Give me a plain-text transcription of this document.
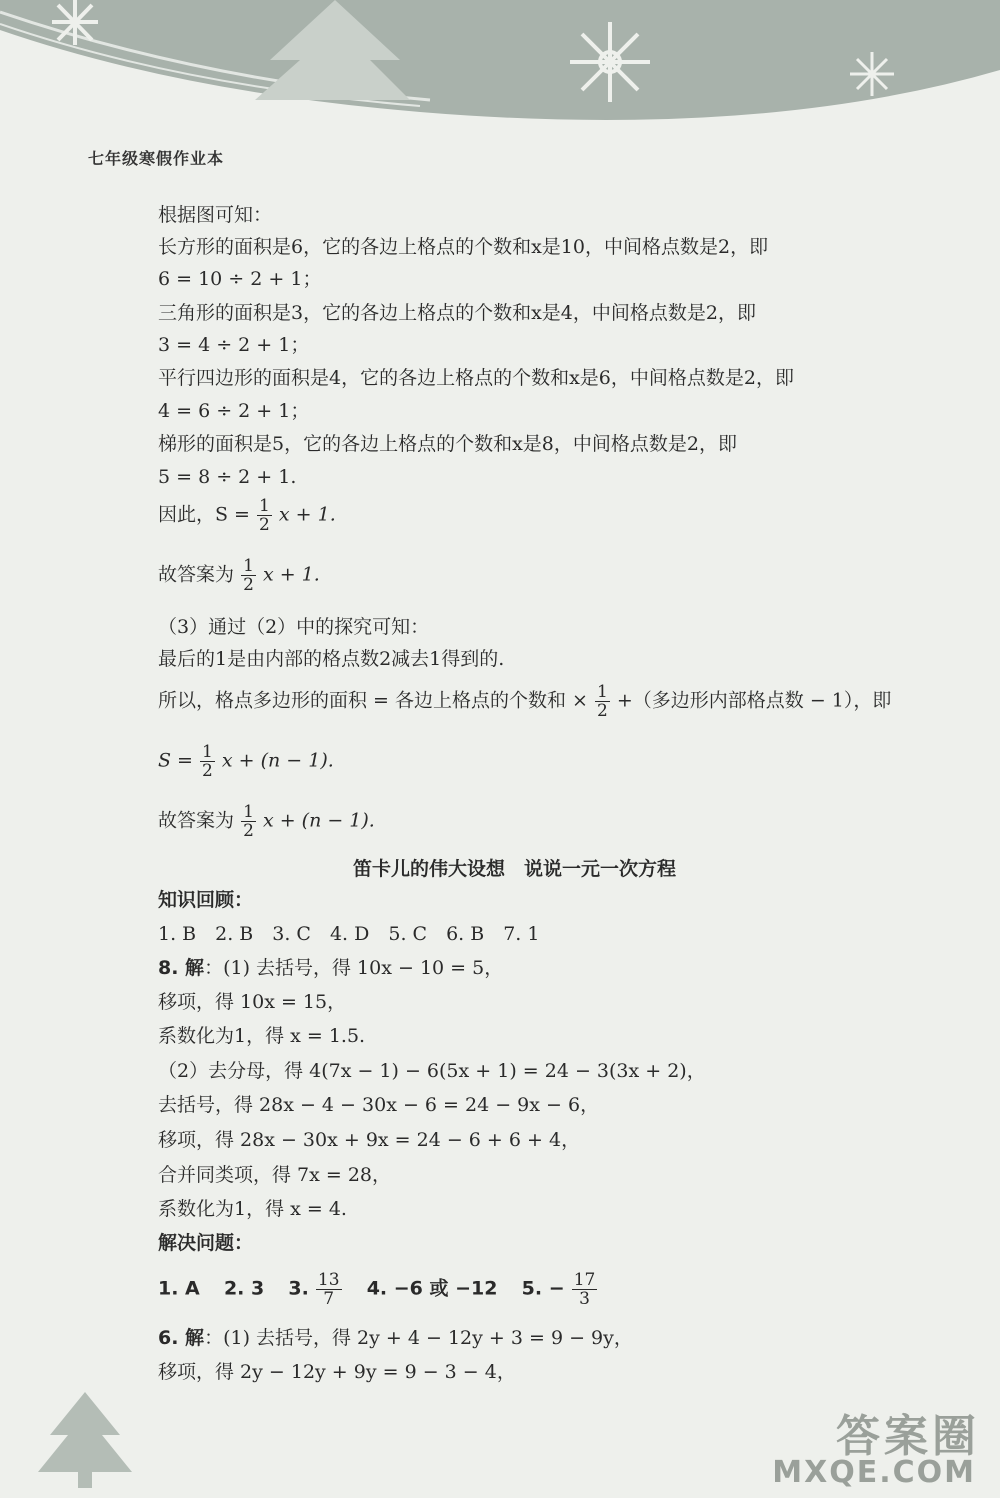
七年级寒假作业本
根据图可知：
长方形的面积是6，它的各边上格点的个数和x是10，中间格点数是2，即
6 = 10 ÷ 2 + 1；
三角形的面积是3，它的各边上格点的个数和x是4，中间格点数是2，即
3 = 4 ÷ 2 + 1；
平行四边形的面积是4，它的各边上格点的个数和x是6，中间格点数是2，即
4 = 6 ÷ 2 + 1；
梯形的面积是5，它的各边上格点的个数和x是8，中间格点数是2，即
5 = 8 ÷ 2 + 1.
因此，$S = \frac{1}{2}$ x + 1.
故答案为 $\frac{1}{2}$ x + 1.
（3）通过（2）中的探究可知：
最后的1是由内部的格点数2减去1得到的.
所以，格点多边形的面积 = 各边上格点的个数和 × $\frac{1}{2}$ +（多边形内部格点数 − 1），即
$S = \frac{1}{2}$ x + (n − 1).
故答案为 $\frac{1}{2}$ x + (n − 1).
笛卡儿的伟大设想　说说一元一次方程
知识回顾：
1. B　2. B　3. C　4. D　5. C　6. B　7. 1
8. 解：(1) 去括号，得 10x − 10 = 5，
移项，得 10x = 15，
系数化为1，得 x = 1.5.
（2）去分母，得 4(7x − 1) − 6(5x + 1) = 24 − 3(3x + 2)，
去括号，得 28x − 4 − 30x − 6 = 24 − 9x − 6，
移项，得 28x − 30x + 9x = 24 − 6 + 6 + 4，
合并同类项，得 7x = 28，
系数化为1，得 x = 4.
解决问题：
1. A 2. 3 3. $\frac{13}{7} 4$. −6 或 −12 5. − $\frac{17}{3}$
6. 解：(1) 去括号，得 2y + 4 − 12y + 3 = 9 − 9y，
移项，得 2y − 12y + 9y = 9 − 3 − 4，
答案圈
MXQE.COM
